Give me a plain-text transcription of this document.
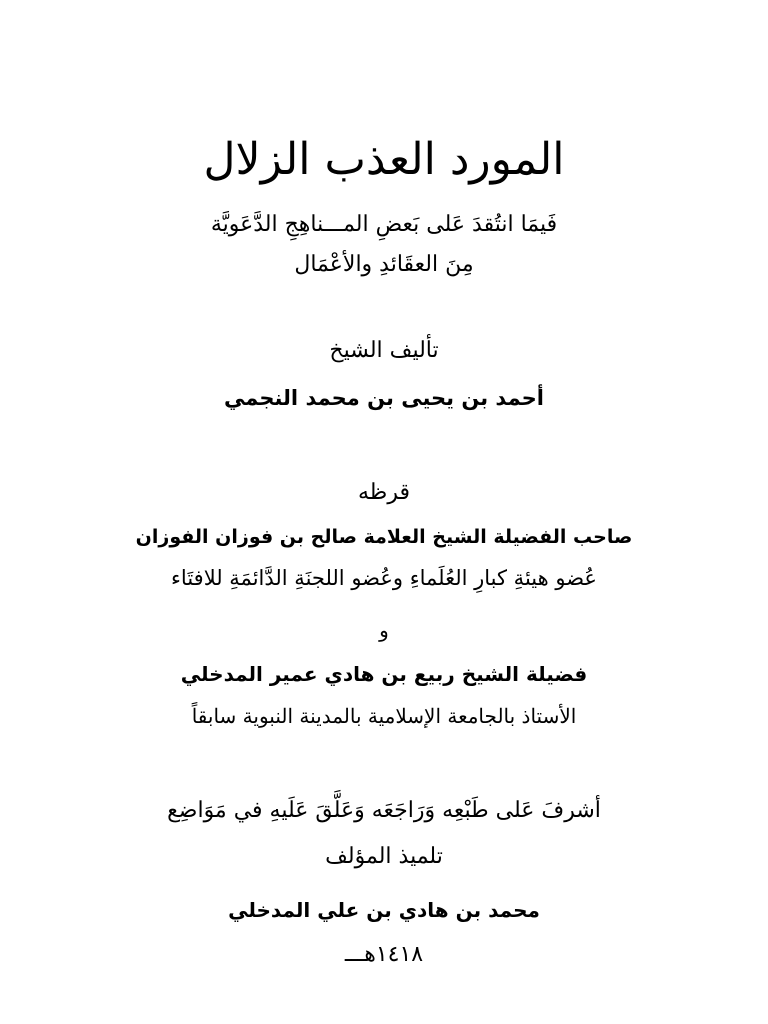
المورد العذب الزلال
فَيمَا انتُقدَ عَلى بَعضِ المـــناهِجِ الدَّعَويَّة
مِنَ العقَائدِ والأعْمَال
تأليف الشيخ
أحمد بن يحيى بن محمد النجمي
قرظه
صاحب الفضيلة الشيخ العلامة صالح بن فوزان الفوزان
عُضو هيئةِ كبارِ العُلَماءِ وعُضو اللجنَةِ الدَّائمَةِ للافتَاء
و
فضيلة الشيخ ربيع بن هادي عمير المدخلي
الأستاذ بالجامعة الإسلامية بالمدينة النبوية سابقاً
أشرفَ عَلى طَبْعِه وَرَاجَعَه وَعَلَّقَ عَلَيهِ في مَوَاضِع
تلميذ المؤلف
محمد بن هادي بن علي المدخلي
١٤١٨هـــ
